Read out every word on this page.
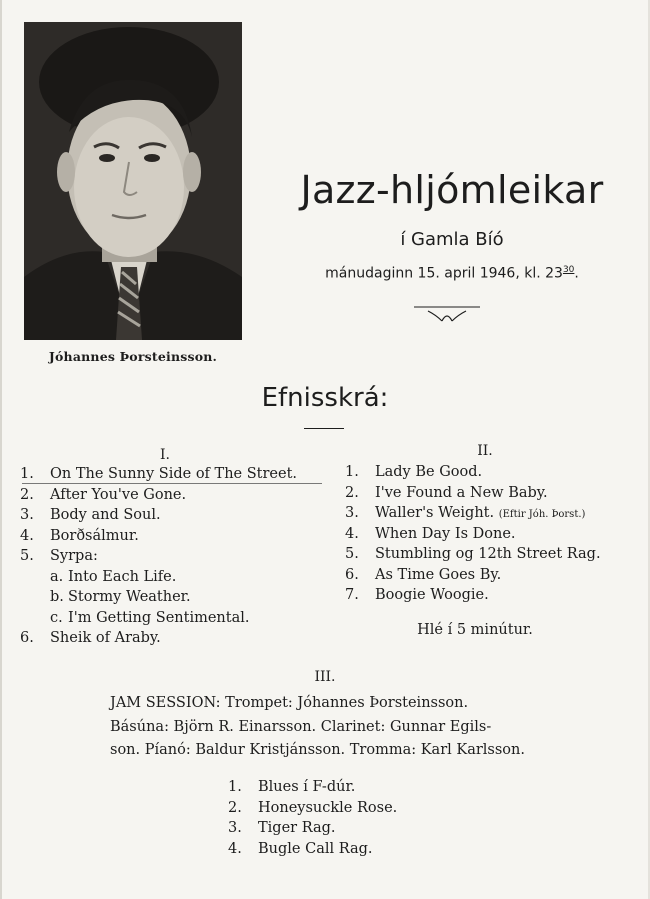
Jóhannes Þorsteinsson.
Jazz-hljómleikar
í Gamla Bíó
mánudaginn 15. april 1946, kl. $23^{30}$.
Efnisskrá:
I.	II.
1. On The Sunny Side of The Street.
2. After You've Gone.
3. Body and Soul.
4. Borðsálmur.
5. Syrpa:
a. Into Each Life.
b. Stormy Weather.
c. I'm Getting Sentimental.
6. Sheik of Araby.
1. Lady Be Good.
2. I've Found a New Baby.
3. Waller's Weight. (Eftir Jóh. Þorst.)
4. When Day Is Done.
5. Stumbling og 12th Street Rag.
6. As Time Goes By.
7. Boogie Woogie.
Hlé í 5 minútur.
III.
JAM SESSION: Trompet: Jóhannes Þorsteinsson.
Básúna: Björn R. Einarsson. Clarinet: Gunnar Egils-
son. Píanó: Baldur Kristjánsson. Tromma: Karl Karlsson.
1. Blues í F-dúr.
2. Honeysuckle Rose.
3. Tiger Rag.
4. Bugle Call Rag.
